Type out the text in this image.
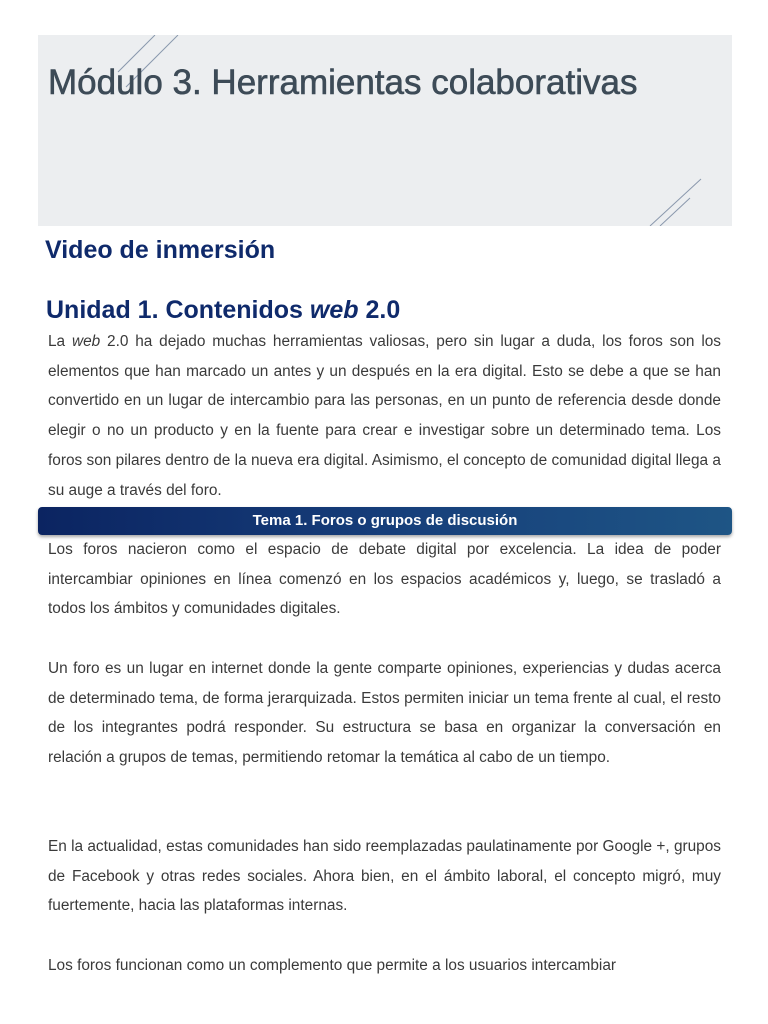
Módulo 3. Herramientas colaborativas
Video de inmersión
Unidad 1. Contenidos web 2.0

La web 2.0 ha dejado muchas herramientas valiosas, pero sin lugar a duda, los foros son los elementos que han marcado un antes y un después en la era digital. Esto se debe a que se han convertido en un lugar de intercambio para las personas, en un punto de referencia desde donde elegir o no un producto y en la fuente para crear e investigar sobre un determinado tema. Los foros son pilares dentro de la nueva era digital. Asimismo, el concepto de comunidad digital llega a su auge a través del foro.

Tema 1. Foros o grupos de discusión

Los foros nacieron como el espacio de debate digital por excelencia. La idea de poder intercambiar opiniones en línea comenzó en los espacios académicos y, luego, se trasladó a todos los ámbitos y comunidades digitales.

Un foro es un lugar en internet donde la gente comparte opiniones, experiencias y dudas acerca de determinado tema, de forma jerarquizada. Estos permiten iniciar un tema frente al cual, el resto de los integrantes podrá responder. Su estructura se basa en organizar la conversación en relación a grupos de temas, permitiendo retomar la temática al cabo de un tiempo.

En la actualidad, estas comunidades han sido reemplazadas paulatinamente por Google +, grupos de Facebook y otras redes sociales. Ahora bien, en el ámbito laboral, el concepto migró, muy fuertemente, hacia las plataformas internas.

Los foros funcionan como un complemento que permite a los usuarios intercambiar
